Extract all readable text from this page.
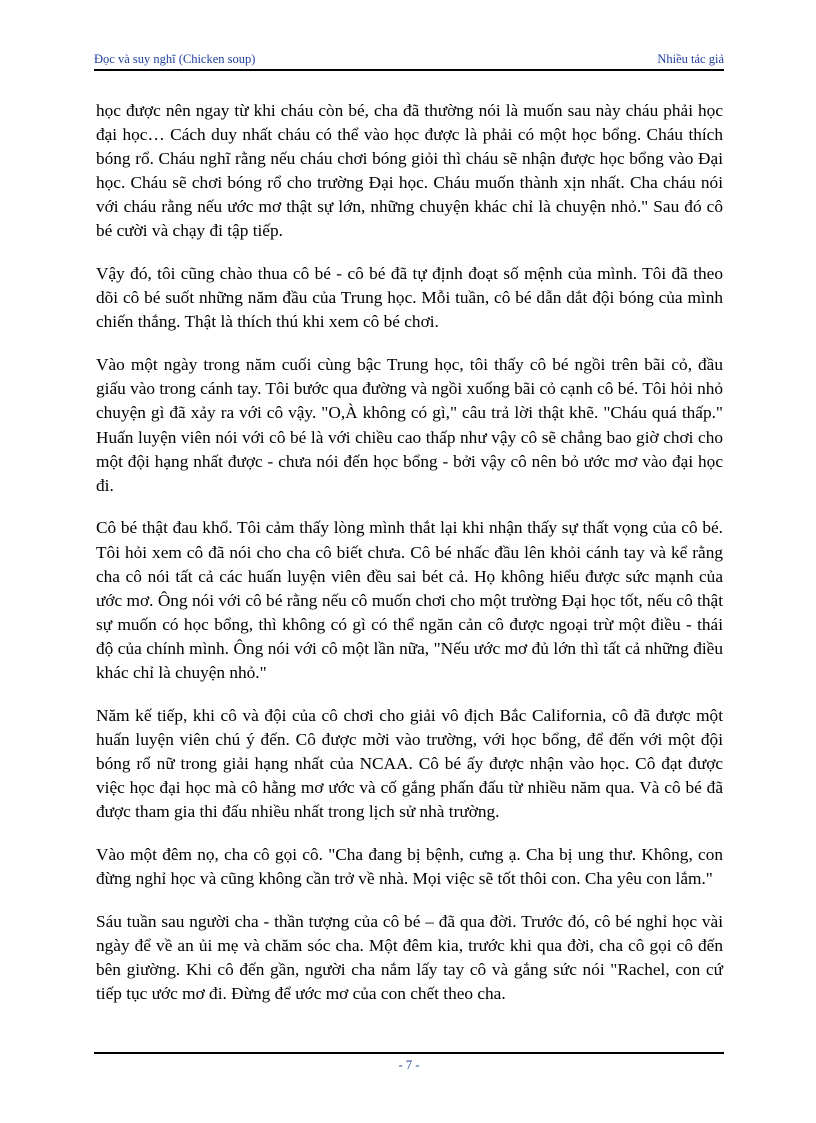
Đọc và suy nghĩ (Chicken soup)	Nhiều tác giả

học được nên ngay từ khi cháu còn bé, cha đã thường nói là muốn sau này cháu phải học đại học… Cách duy nhất cháu có thể vào học được là phải có một học bổng. Cháu thích bóng rổ. Cháu nghĩ rằng nếu cháu chơi bóng giỏi thì cháu sẽ nhận được học bổng vào Đại học. Cháu sẽ chơi bóng rổ cho trường Đại học. Cháu muốn thành xịn nhất. Cha cháu nói với cháu rằng nếu ước mơ thật sự lớn, những chuyện khác chỉ là chuyện nhỏ." Sau đó cô bé cười và chạy đi tập tiếp.

Vậy đó, tôi cũng chào thua cô bé - cô bé đã tự định đoạt số mệnh của mình. Tôi đã theo dõi cô bé suốt những năm đầu của Trung học. Mỗi tuần, cô bé dẫn dắt đội bóng của mình chiến thắng. Thật là thích thú khi xem cô bé chơi.

Vào một ngày trong năm cuối cùng bậc Trung học, tôi thấy cô bé ngồi trên bãi cỏ, đầu giấu vào trong cánh tay. Tôi bước qua đường và ngồi xuống bãi cỏ cạnh cô bé. Tôi hỏi nhỏ chuyện gì đã xảy ra với cô vậy. "O,À không có gì," câu trả lời thật khẽ. "Cháu quá thấp." Huấn luyện viên nói với cô bé là với chiều cao thấp như vậy cô sẽ chẳng bao giờ chơi cho một đội hạng nhất được - chưa nói đến học bổng - bởi vậy cô nên bỏ ước mơ vào đại học đi.

Cô bé thật đau khổ. Tôi cảm thấy lòng mình thắt lại khi nhận thấy sự thất vọng của cô bé. Tôi hỏi xem cô đã nói cho cha cô biết chưa. Cô bé nhấc đầu lên khỏi cánh tay và kể rằng cha cô nói tất cả các huấn luyện viên đều sai bét cả. Họ không hiểu được sức mạnh của ước mơ. Ông nói với cô bé rằng nếu cô muốn chơi cho một trường Đại học tốt, nếu cô thật sự muốn có học bổng, thì không có gì có thể ngăn cản cô được ngoại trừ một điều - thái độ của chính mình. Ông nói với cô một lần nữa, "Nếu ước mơ đủ lớn thì tất cả những điều khác chỉ là chuyện nhỏ."

Năm kế tiếp, khi cô và đội của cô chơi cho giải vô địch Bắc California, cô đã được một huấn luyện viên chú ý đến. Cô được mời vào trường, với học bổng, để đến với một đội bóng rổ nữ trong giải hạng nhất của NCAA. Cô bé ấy được nhận vào học. Cô đạt được việc học đại học mà cô hằng mơ ước và cố gắng phấn đấu từ nhiều năm qua. Và cô bé đã được tham gia thi đấu nhiều nhất trong lịch sử nhà trường.

Vào một đêm nọ, cha cô gọi cô. "Cha đang bị bệnh, cưng ạ. Cha bị ung thư. Không, con đừng nghỉ học và cũng không cần trở về nhà. Mọi việc sẽ tốt thôi con. Cha yêu con lắm."

Sáu tuần sau người cha - thần tượng của cô bé – đã qua đời. Trước đó, cô bé nghỉ học vài ngày để về an ủi mẹ và chăm sóc cha. Một đêm kia, trước khi qua đời, cha cô gọi cô đến bên giường. Khi cô đến gần, người cha nắm lấy tay cô và gắng sức nói "Rachel, con cứ tiếp tục ước mơ đi. Đừng để ước mơ của con chết theo cha.

- 7 -
